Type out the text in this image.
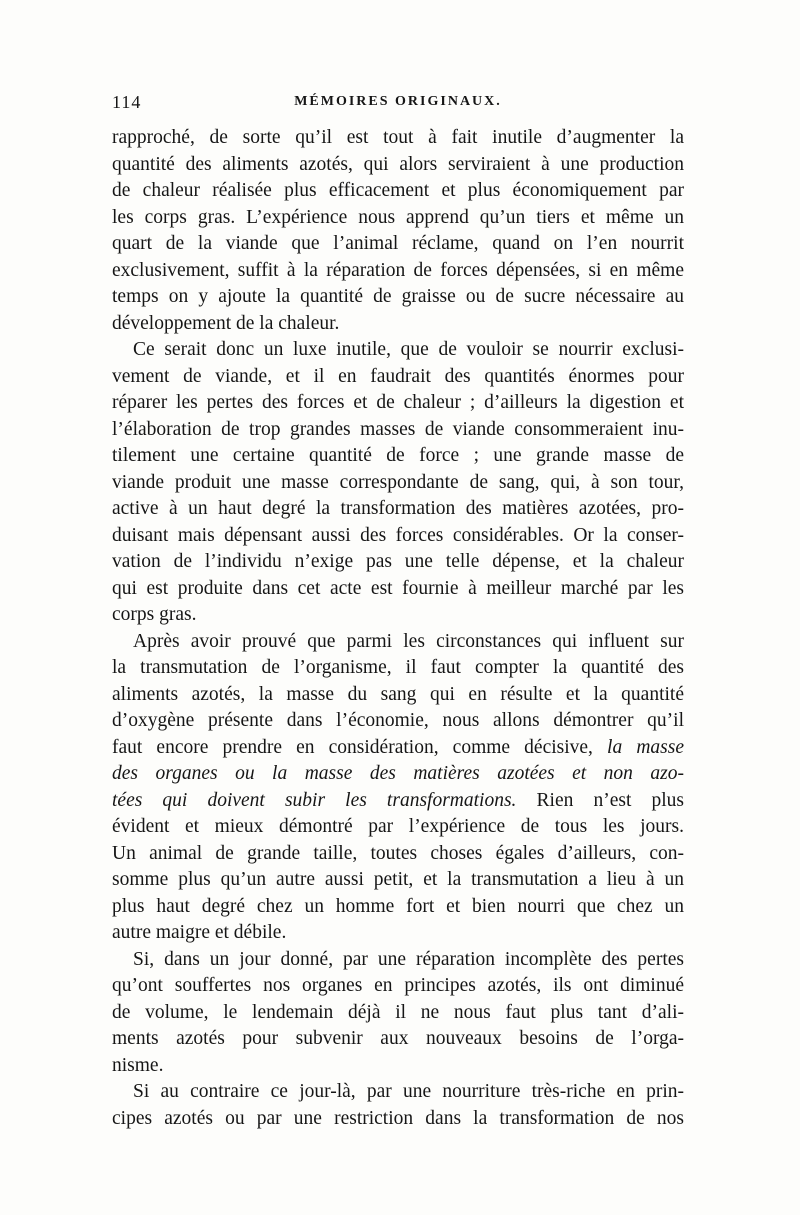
114	MÉMOIRES ORIGINAUX.

rapproché, de sorte qu’il est tout à fait inutile d’augmenter la
quantité des aliments azotés, qui alors serviraient à une production
de chaleur réalisée plus efficacement et plus économiquement par
les corps gras. L’expérience nous apprend qu’un tiers et même un
quart de la viande que l’animal réclame, quand on l’en nourrit
exclusivement, suffit à la réparation de forces dépensées, si en même
temps on y ajoute la quantité de graisse ou de sucre nécessaire au
développement de la chaleur.

Ce serait donc un luxe inutile, que de vouloir se nourrir exclusi-
vement de viande, et il en faudrait des quantités énormes pour
réparer les pertes des forces et de chaleur ; d’ailleurs la digestion et
l’élaboration de trop grandes masses de viande consommeraient inu-
tilement une certaine quantité de force ; une grande masse de
viande produit une masse correspondante de sang, qui, à son tour,
active à un haut degré la transformation des matières azotées, pro-
duisant mais dépensant aussi des forces considérables. Or la conser-
vation de l’individu n’exige pas une telle dépense, et la chaleur
qui est produite dans cet acte est fournie à meilleur marché par les
corps gras.

Après avoir prouvé que parmi les circonstances qui influent sur
la transmutation de l’organisme, il faut compter la quantité des
aliments azotés, la masse du sang qui en résulte et la quantité
d’oxygène présente dans l’économie, nous allons démontrer qu’il
faut encore prendre en considération, comme décisive, la masse
des organes ou la masse des matières azotées et non azo-
tées qui doivent subir les transformations. Rien n’est plus
évident et mieux démontré par l’expérience de tous les jours.
Un animal de grande taille, toutes choses égales d’ailleurs, con-
somme plus qu’un autre aussi petit, et la transmutation a lieu à un
plus haut degré chez un homme fort et bien nourri que chez un
autre maigre et débile.

Si, dans un jour donné, par une réparation incomplète des pertes
qu’ont souffertes nos organes en principes azotés, ils ont diminué
de volume, le lendemain déjà il ne nous faut plus tant d’ali-
ments azotés pour subvenir aux nouveaux besoins de l’orga-
nisme.

Si au contraire ce jour-là, par une nourriture très-riche en prin-
cipes azotés ou par une restriction dans la transformation de nos
